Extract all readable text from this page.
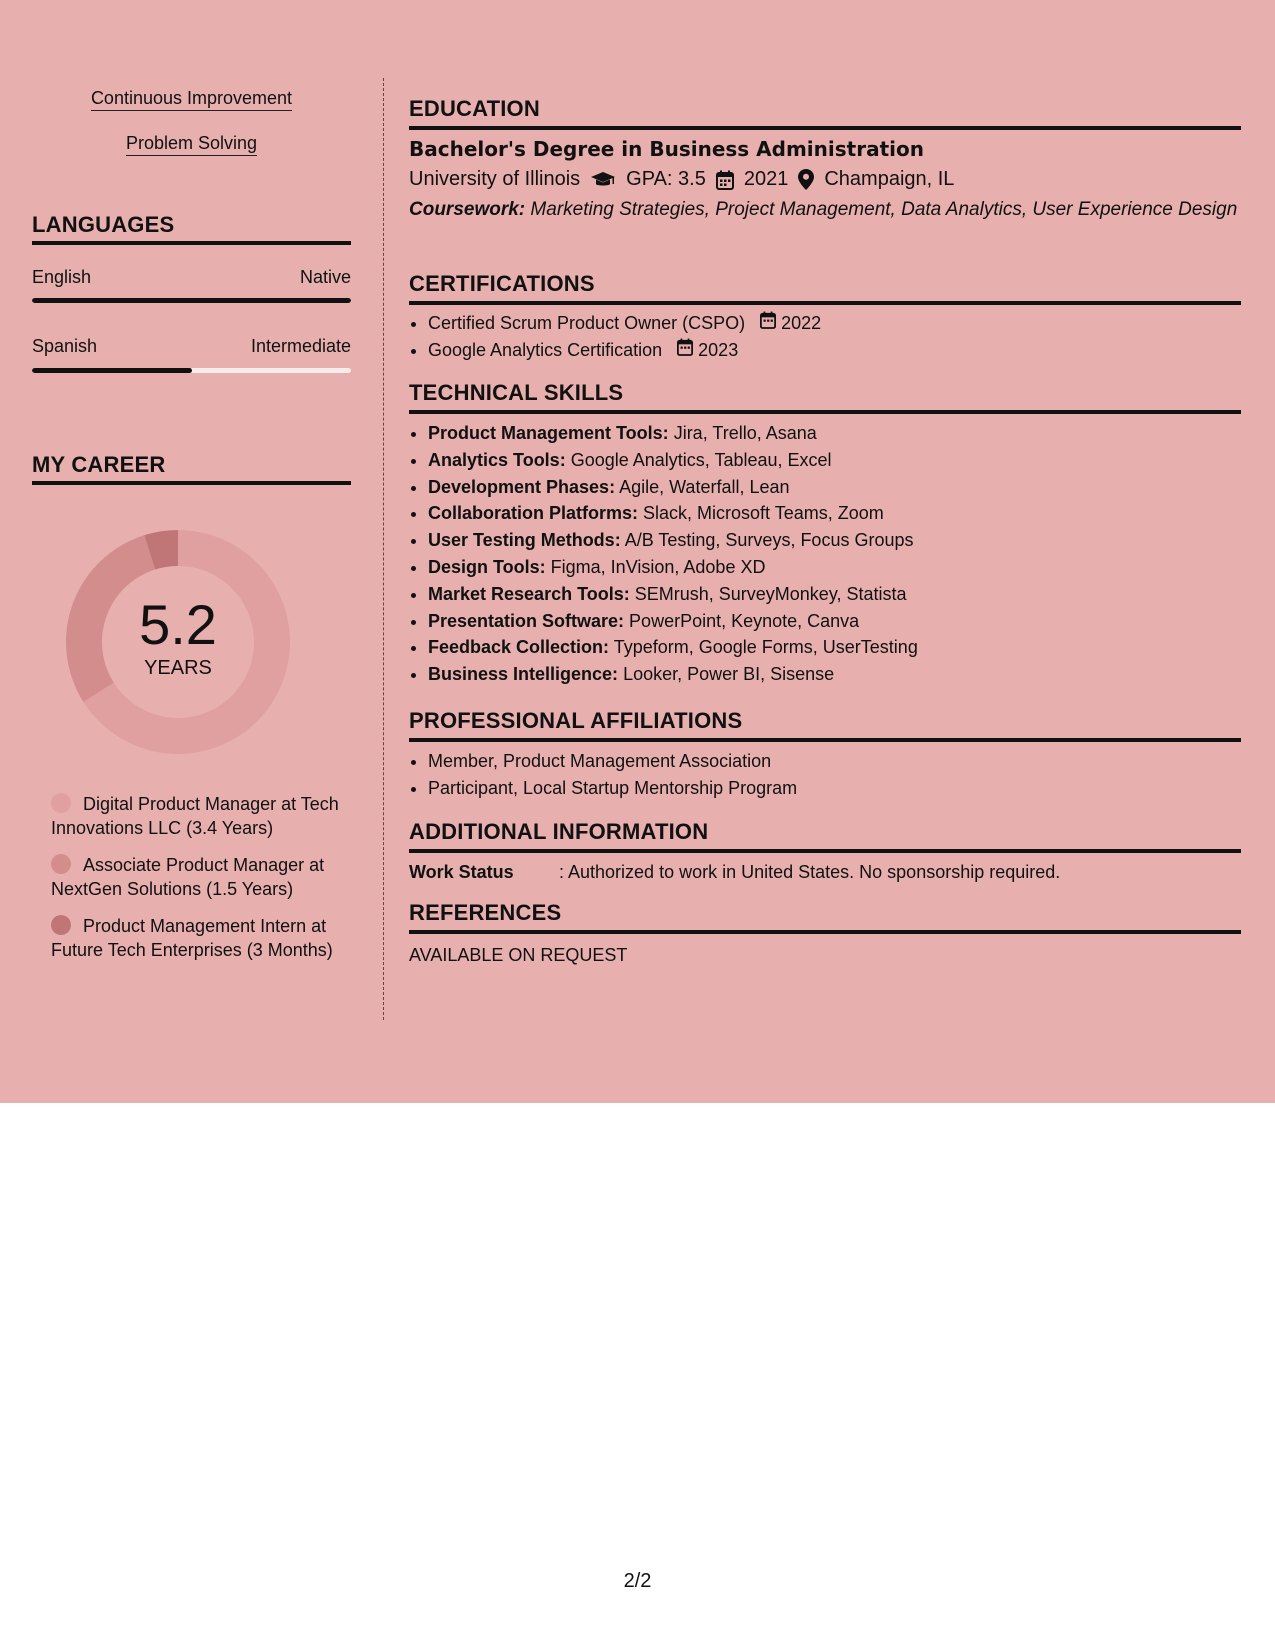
Continuous Improvement
Problem Solving
LANGUAGES
English	Native
Spanish	Intermediate
MY CAREER
5.2
YEARS
Digital Product Manager at Tech Innovations LLC (3.4 Years)
Associate Product Manager at NextGen Solutions (1.5 Years)
Product Management Intern at Future Tech Enterprises (3 Months)
EDUCATION
Bachelor's Degree in Business Administration
University of Illinois GPA: 3.5 2021 Champaign, IL
Coursework: Marketing Strategies, Project Management, Data Analytics, User Experience Design
CERTIFICATIONS
• Certified Scrum Product Owner (CSPO) 2022
• Google Analytics Certification 2023
TECHNICAL SKILLS
• Product Management Tools: Jira, Trello, Asana
• Analytics Tools: Google Analytics, Tableau, Excel
• Development Phases: Agile, Waterfall, Lean
• Collaboration Platforms: Slack, Microsoft Teams, Zoom
• User Testing Methods: A/B Testing, Surveys, Focus Groups
• Design Tools: Figma, InVision, Adobe XD
• Market Research Tools: SEMrush, SurveyMonkey, Statista
• Presentation Software: PowerPoint, Keynote, Canva
• Feedback Collection: Typeform, Google Forms, UserTesting
• Business Intelligence: Looker, Power BI, Sisense
PROFESSIONAL AFFILIATIONS
• Member, Product Management Association
• Participant, Local Startup Mentorship Program
ADDITIONAL INFORMATION
Work Status	: Authorized to work in United States. No sponsorship required.
REFERENCES
AVAILABLE ON REQUEST
2/2
